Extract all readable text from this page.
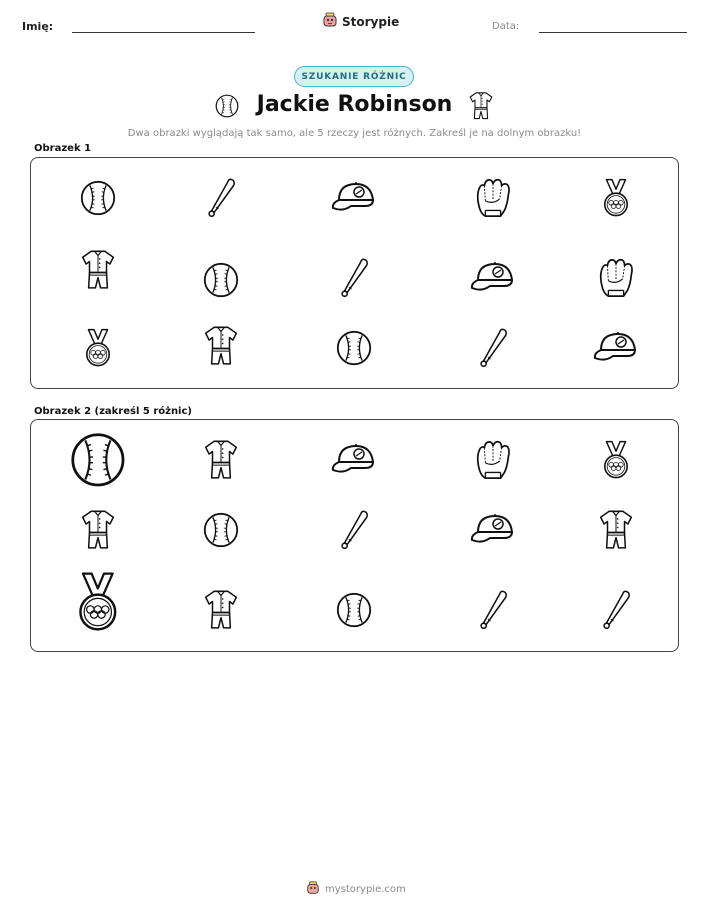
Imię:	Data:
Storypie
SZUKANIE RÓŻNIC
Jackie Robinson
Dwa obrazki wyglądają tak samo, ale 5 rzeczy jest różnych. Zakreśl je na dolnym obrazku!
Obrazek 1
Obrazek 2 (zakreśl 5 różnic)
mystorypie.com
